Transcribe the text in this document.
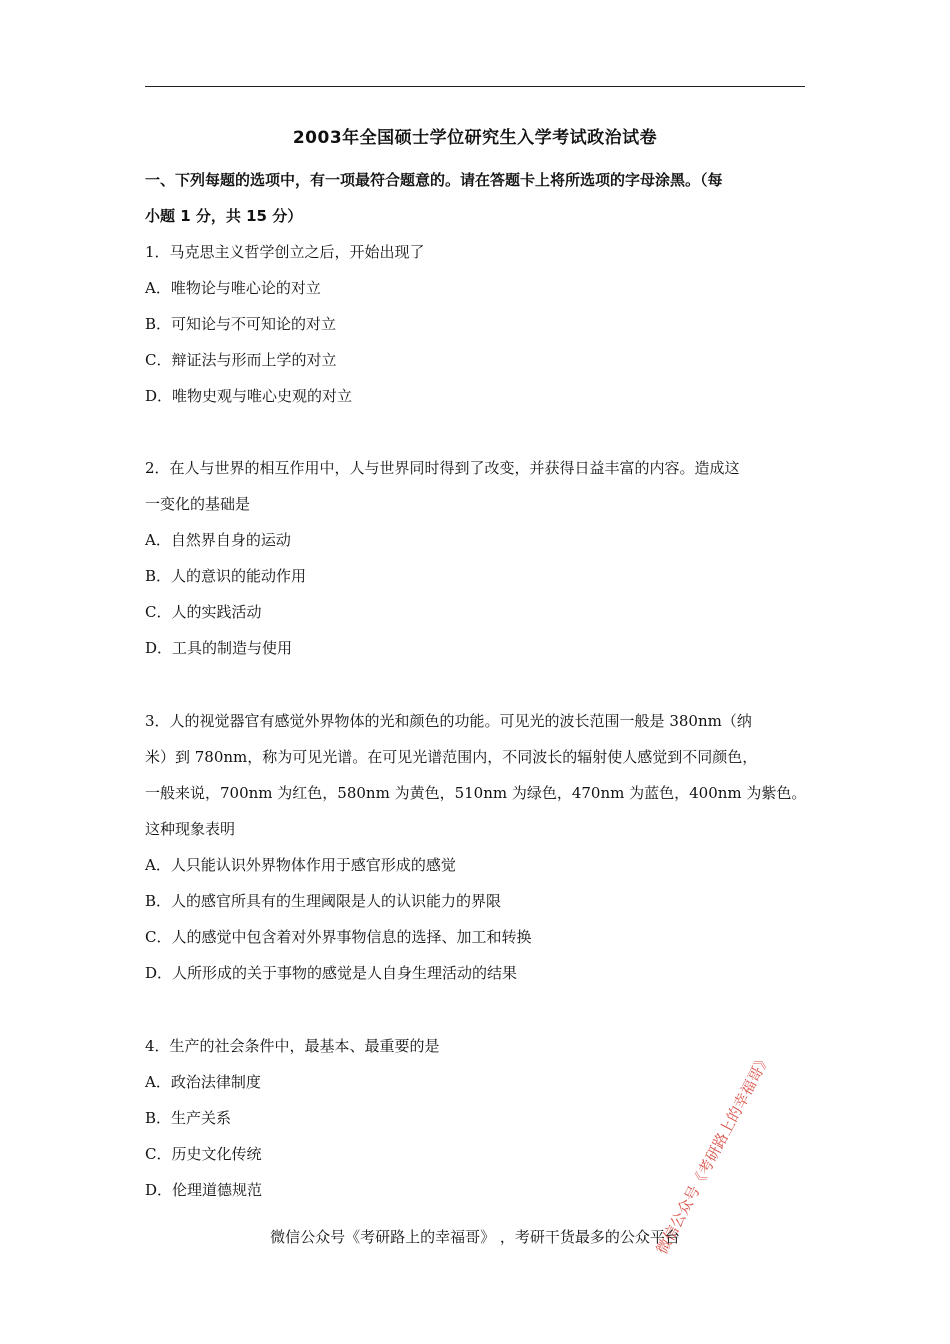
2003年全国硕士学位研究生入学考试政治试卷
一、下列每题的选项中，有一项最符合题意的。请在答题卡上将所选项的字母涂黑。（每
小题 1 分，共 15 分）
1．马克思主义哲学创立之后，开始出现了
A．唯物论与唯心论的对立
B．可知论与不可知论的对立
C．辩证法与形而上学的对立
D．唯物史观与唯心史观的对立
2．在人与世界的相互作用中，人与世界同时得到了改变，并获得日益丰富的内容。造成这
一变化的基础是
A．自然界自身的运动
B．人的意识的能动作用
C．人的实践活动
D．工具的制造与使用
3．人的视觉器官有感觉外界物体的光和颜色的功能。可见光的波长范围一般是 380nm（纳
米）到 780nm，称为可见光谱。在可见光谱范围内，不同波长的辐射使人感觉到不同颜色，
一般来说，700nm 为红色，580nm 为黄色，510nm 为绿色，470nm 为蓝色，400nm 为紫色。
这种现象表明
A．人只能认识外界物体作用于感官形成的感觉
B．人的感官所具有的生理阈限是人的认识能力的界限
C．人的感觉中包含着对外界事物信息的选择、加工和转换
D．人所形成的关于事物的感觉是人自身生理活动的结果
4．生产的社会条件中，最基本、最重要的是
A．政治法律制度
B．生产关系
C．历史文化传统
D．伦理道德规范	微信公众号《考研路上的幸福哥》
微信公众号《考研路上的幸福哥》 ，考研干货最多的公众平台
